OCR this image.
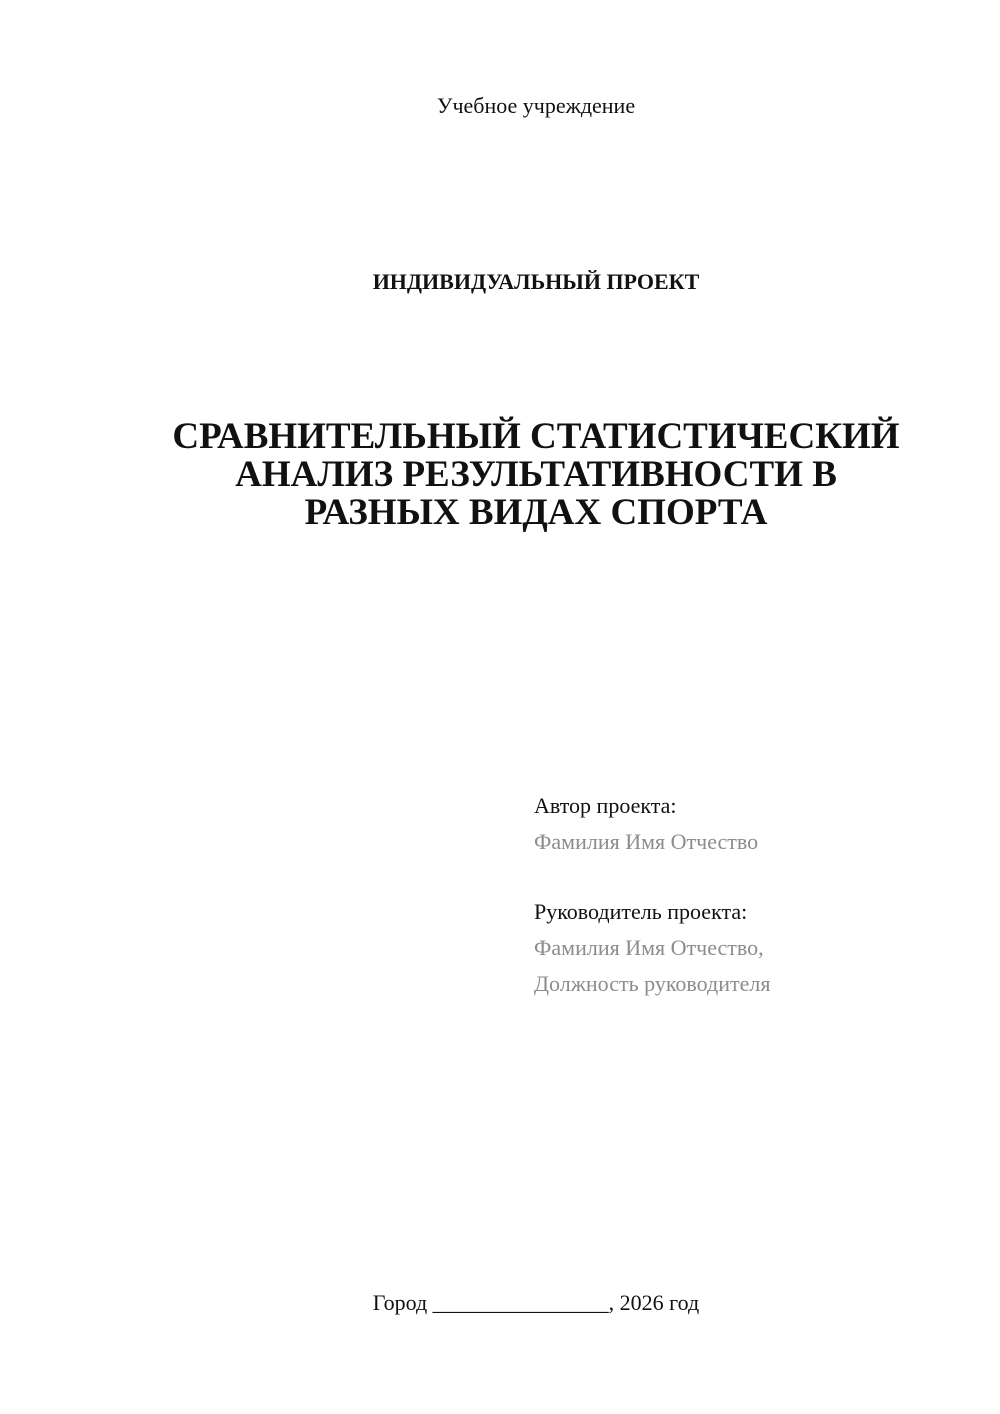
Учебное учреждение
ИНДИВИДУАЛЬНЫЙ ПРОЕКТ
СРАВНИТЕЛЬНЫЙ СТАТИСТИЧЕСКИЙ
АНАЛИЗ РЕЗУЛЬТАТИВНОСТИ В
РАЗНЫХ ВИДАХ СПОРТА
Автор проекта:
Фамилия Имя Отчество
Руководитель проекта:
Фамилия Имя Отчество,
Должность руководителя
Город ________________, 2026 год
